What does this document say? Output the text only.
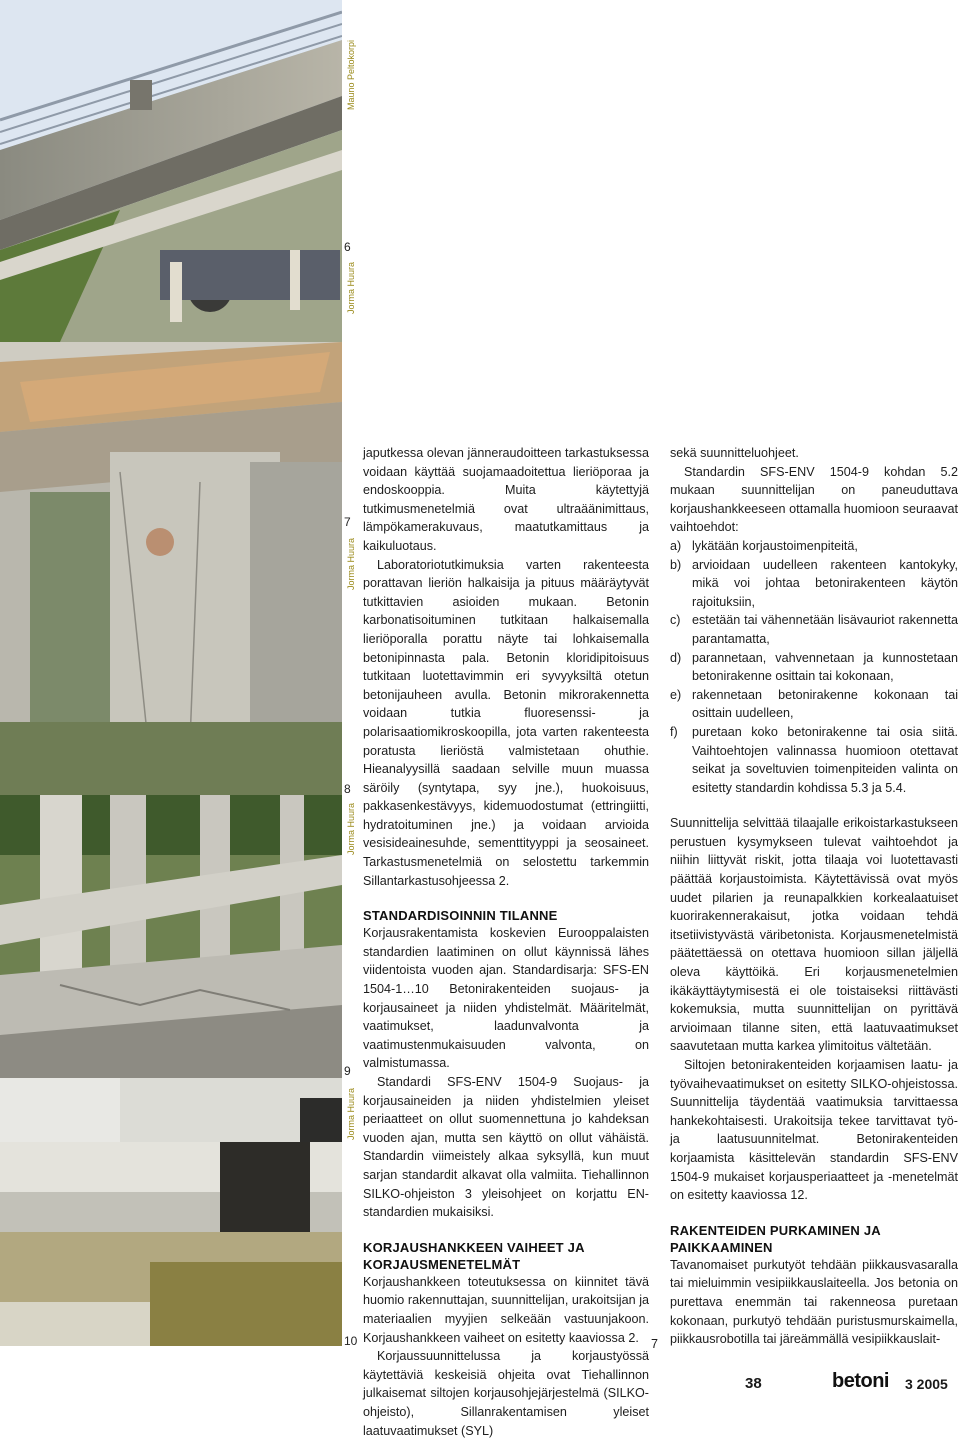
Mauno Peltokorpi
6
Jorma Huura
7
Jorma Huura
8
Jorma Huura
9
Jorma Huura
10

japutkessa olevan jänneraudoitteen tarkastuksessa voidaan käyttää suojamaadoitettua lieriöporaa ja endoskooppia. Muita käytettyjä tutkimusmenetelmiä ovat ultraäänimittaus, lämpökamerakuvaus, maatutkamittaus ja kaikuluotaus.

Laboratoriotutkimuksia varten rakenteesta porattavan lieriön halkaisija ja pituus määräytyvät tutkittavien asioiden mukaan. Betonin karbonatisoituminen tutkitaan halkaisemalla lieriöporalla porattu näyte tai lohkaisemalla betonipinnasta pala. Betonin kloridipitoisuus tutkitaan luotettavimmin eri syvyyksiltä otetun betonijauheen avulla. Betonin mikrorakennetta voidaan tutkia fluoresenssi- ja polarisaatiomikroskoopilla, jota varten rakenteesta poratusta lieriöstä valmistetaan ohuthie. Hieanalyysillä saadaan selville muun muassa säröily (syntytapa, syy jne.), huokoisuus, pakkasenkestävyys, kidemuodostumat (ettringiitti, hydratoituminen jne.) ja voidaan arvioida vesisideainesuhde, sementtityyppi ja seosaineet. Tarkastusmenetelmiä on selostettu tarkemmin Sillantarkastusohjeessa 2.

STANDARDISOINNIN TILANNE

Korjausrakentamista koskevien Eurooppalaisten standardien laatiminen on ollut käynnissä lähes viidentoista vuoden ajan. Standardisarja: SFS-EN 1504-1…10 Betonirakenteiden suojaus- ja korjausaineet ja niiden yhdistelmät. Määritelmät, vaatimukset, laadunvalvonta ja vaatimustenmukaisuuden valvonta, on valmistumassa.

Standardi SFS-ENV 1504-9 Suojaus- ja korjausaineiden ja niiden yhdistelmien yleiset periaatteet on ollut suomennettuna jo kahdeksan vuoden ajan, mutta sen käyttö on ollut vähäistä. Standardin viimeistely alkaa syksyllä, kun muut sarjan standardit alkavat olla valmiita. Tiehallinnon SILKO-ohjeiston 3 yleisohjeet on korjattu EN-standardien mukaisiksi.

KORJAUSHANKKEEN VAIHEET JA KORJAUSMENETELMÄT

Korjaushankkeen toteutuksessa on kiinnitet tävä huomio rakennuttajan, suunnittelijan, urakoitsijan ja materiaalien myyjien selkeään vastuunjakoon. Korjaushankkeen vaiheet on esitetty kaaviossa 2.

Korjaussuunnittelussa ja korjaustyössä käytettäviä keskeisiä ohjeita ovat Tiehallinnon julkaisemat siltojen korjausohjejärjestelmä (SILKO-ohjeisto), Sillanrakentamisen yleiset laatuvaatimukset (SYL)

7

sekä suunnitteluohjeet.

Standardin SFS-ENV 1504-9 kohdan 5.2 mukaan suunnittelijan on paneuduttava korjaushankkeeseen ottamalla huomioon seuraavat vaihtoehdot:

a) lykätään korjaustoimenpiteitä,
b) arvioidaan uudelleen rakenteen kantokyky, mikä voi johtaa betonirakenteen käytön rajoituksiin,
c) estetään tai vähennetään lisävauriot rakennetta parantamatta,
d) parannetaan, vahvennetaan ja kunnostetaan betonirakenne osittain tai kokonaan,
e) rakennetaan betonirakenne kokonaan tai osittain uudelleen,
f) puretaan koko betonirakenne tai osia siitä. Vaihtoehtojen valinnassa huomioon otettavat seikat ja soveltuvien toimenpiteiden valinta on esitetty standardin kohdissa 5.3 ja 5.4.

Suunnittelija selvittää tilaajalle erikoistarkastukseen perustuen kysymykseen tulevat vaihtoehdot ja niihin liittyvät riskit, jotta tilaaja voi luotettavasti päättää korjaustoimista. Käytettävissä ovat myös uudet pilarien ja reunapalkkien korkealaatuiset kuorirakennerakaisut, jotka voidaan tehdä itsetiivistyvästä väribetonista. Korjausmenetelmistä päätettäessä on otettava huomioon sillan jäljellä oleva käyttöikä. Eri korjausmenetelmien ikäkäyttäytymisestä ei ole toistaiseksi riittävästi kokemuksia, mutta suunnittelijan on pyrittävä arvioimaan tilanne siten, että laatuvaatimukset saavutetaan mutta karkea ylimitoitus vältetään.

Siltojen betonirakenteiden korjaamisen laatu- ja työvaihevaatimukset on esitetty SILKO-ohjeistossa. Suunnittelija täydentää vaatimuksia tarvittaessa hankekohtaisesti. Urakoitsija tekee tarvittavat työ- ja laatusuunnitelmat. Betonirakenteiden korjaamista käsittelevän standardin SFS-ENV 1504-9 mukaiset korjausperiaatteet ja -menetelmät on esitetty kaaviossa 12.

RAKENTEIDEN PURKAMINEN JA PAIKKAAMINEN

Tavanomaiset purkutyöt tehdään piikkausvasaralla tai mieluimmin vesipiikkauslaiteella. Jos betonia on purettava enemmän tai rakenneosa puretaan kokonaan, purkutyö tehdään puristusmurskaimella, piikkausrobotilla tai järeämmällä vesipiikkauslait-

38	betoni 3 2005
